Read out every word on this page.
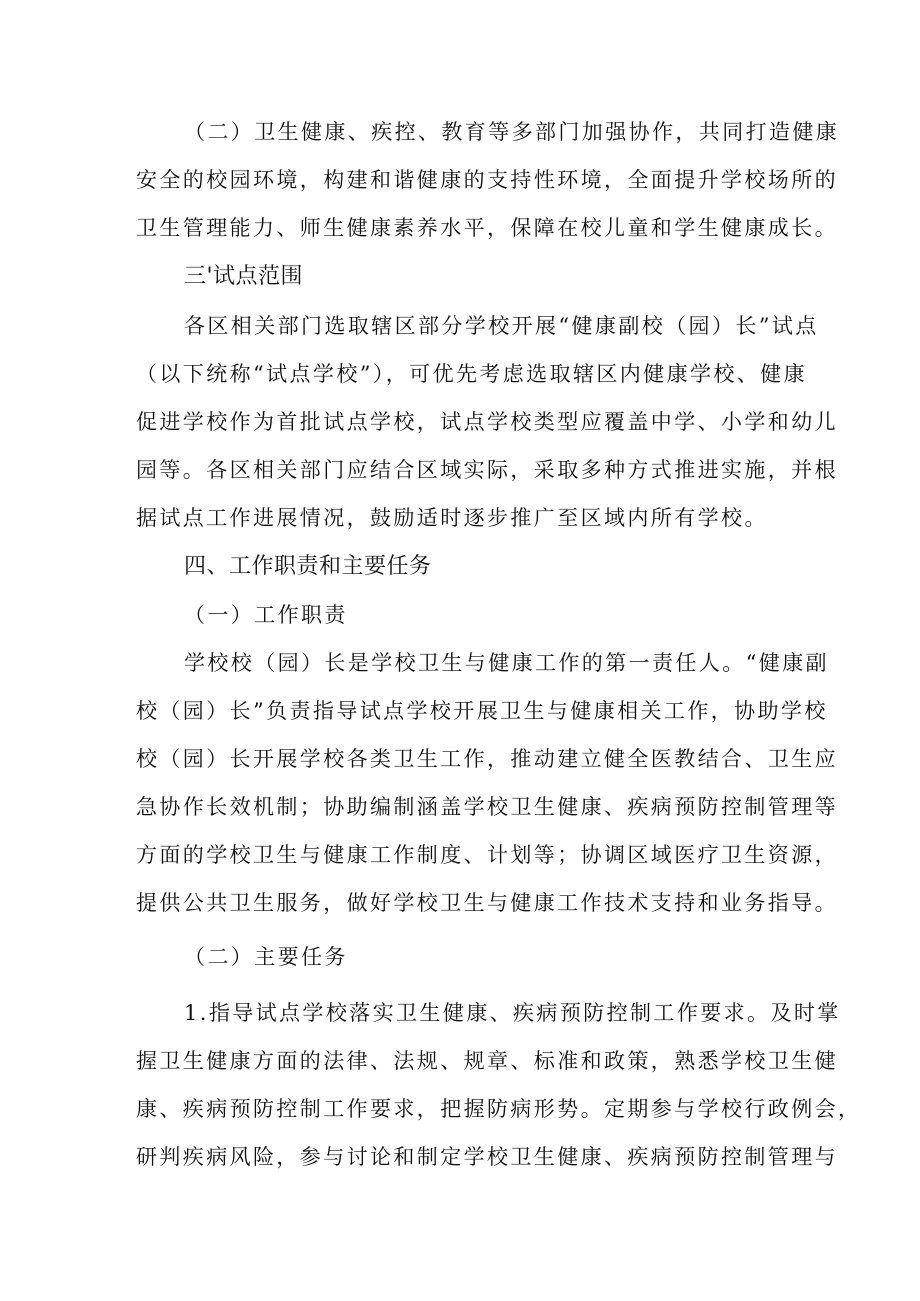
（二）卫生健康、疾控、教育等多部门加强协作，共同打造健康
安全的校园环境，构建和谐健康的支持性环境，全面提升学校场所的
卫生管理能力、师生健康素养水平，保障在校儿童和学生健康成长。
三'试点范围
各区相关部门选取辖区部分学校开展“健康副校（园）长”试点
（以下统称“试点学校”），可优先考虑选取辖区内健康学校、健康
促进学校作为首批试点学校，试点学校类型应覆盖中学、小学和幼儿
园等。各区相关部门应结合区域实际，采取多种方式推进实施，并根
据试点工作进展情况，鼓励适时逐步推广至区域内所有学校。
四、工作职责和主要任务
（一）工作职责
学校校（园）长是学校卫生与健康工作的第一责任人。“健康副
校（园）长”负责指导试点学校开展卫生与健康相关工作，协助学校
校（园）长开展学校各类卫生工作，推动建立健全医教结合、卫生应
急协作长效机制；协助编制涵盖学校卫生健康、疾病预防控制管理等
方面的学校卫生与健康工作制度、计划等；协调区域医疗卫生资源，
提供公共卫生服务，做好学校卫生与健康工作技术支持和业务指导。
（二）主要任务
1.指导试点学校落实卫生健康、疾病预防控制工作要求。及时掌
握卫生健康方面的法律、法规、规章、标准和政策，熟悉学校卫生健
康、疾病预防控制工作要求，把握防病形势。定期参与学校行政例会，
研判疾病风险，参与讨论和制定学校卫生健康、疾病预防控制管理与
